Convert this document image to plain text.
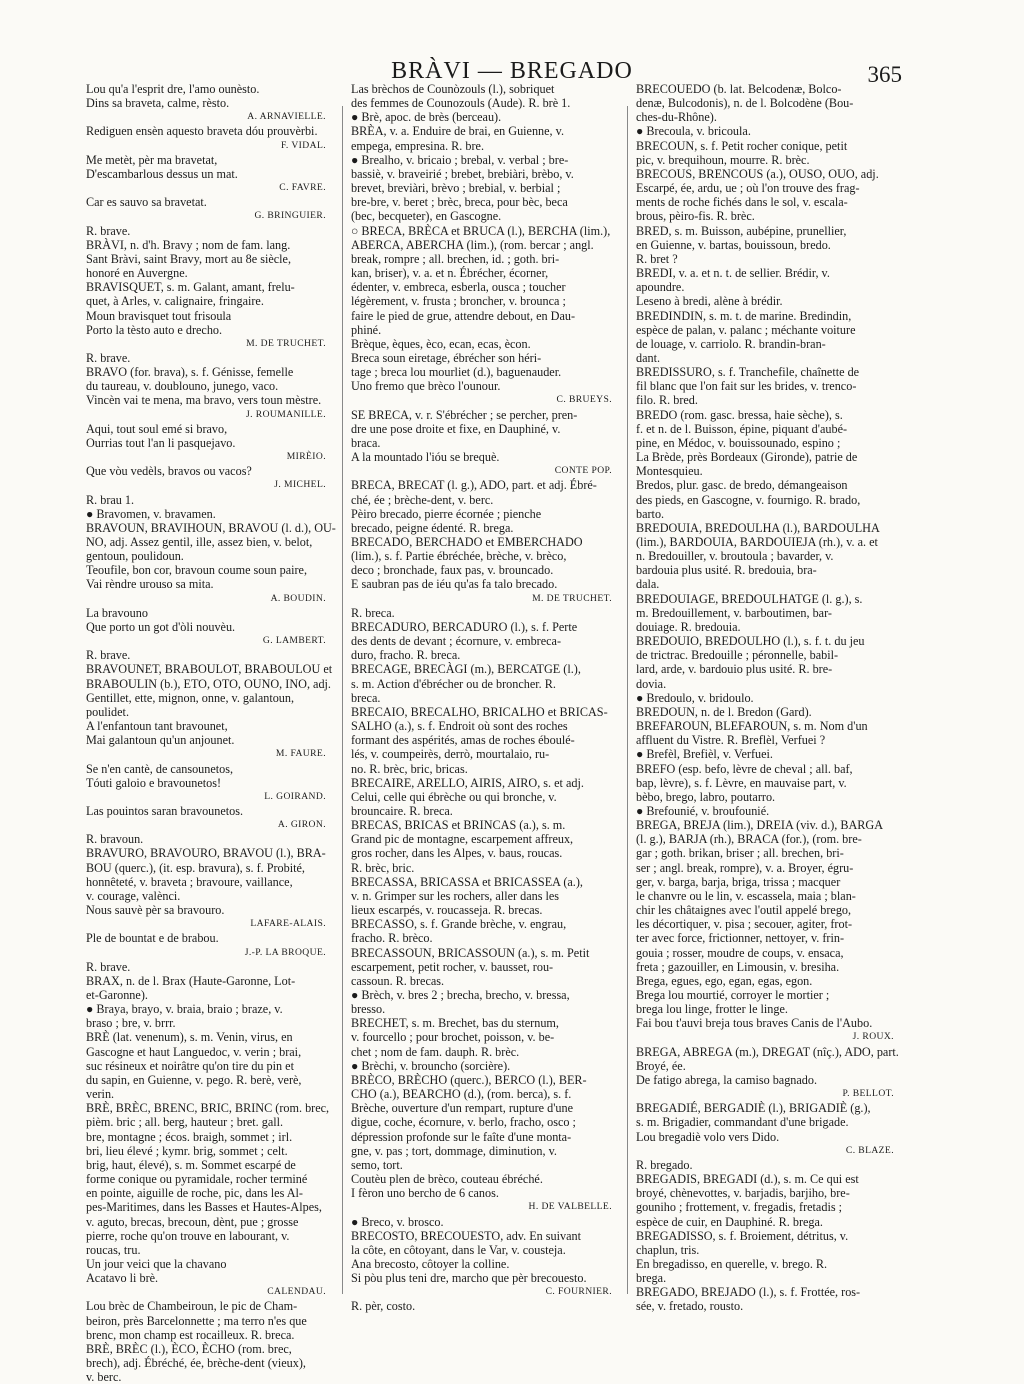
BRÀVI — BREGADO	365
Lou qu'a l'esprit dre, l'amo ounèsto.
Dins sa braveta, calme, rèsto.
A. ARNAVIELLE.
Rediguen ensèn aquesto braveta dóu prouvèrbi.
F. VIDAL.
Me metèt, pèr ma bravetat,
D'escambarlous dessus un mat.
C. FAVRE.
Car es sauvo sa bravetat.
G. BRINGUIER.
R. brave.
BRÀVI, n. d'h. Bravy ; nom de fam. lang.
Sant Bràvi, saint Bravy, mort au 8e siècle,
honoré en Auvergne.
BRAVISQUET, s. m. Galant, amant, frelu-
quet, à Arles, v. calignaire, fringaire.
Moun bravisquet tout frisoula
Porto la tèsto auto e drecho.
M. DE TRUCHET.
R. brave.
BRAVO (for. brava), s. f. Génisse, femelle
du taureau, v. doublouno, junego, vaco.
Vincèn vai te mena, ma bravo, vers toun mèstre.
J. ROUMANILLE.
Aqui, tout soul emé si bravo,
Ourrias tout l'an li pasquejavo.
MIRÈIO.
Que vòu vedèls, bravos ou vacos?
J. MICHEL.
R. brau 1.
● Bravomen, v. bravamen.
BRAVOUN, BRAVIHOUN, BRAVOU (l. d.), OU-
NO, adj. Assez gentil, ille, assez bien, v. belot,
gentoun, poulidoun.
Teoufile, bon cor, bravoun coume soun paire,
Vai rèndre urouso sa mita.
A. BOUDIN.
La bravouno
Que porto un got d'òli nouvèu.
G. LAMBERT.
R. brave.
BRAVOUNET, BRABOULOT, BRABOULOU et
BRABOULIN (b.), ETO, OTO, OUNO, INO, adj.
Gentillet, ette, mignon, onne, v. galantoun,
poulidet.
A l'enfantoun tant bravounet,
Mai galantoun qu'un anjounet.
M. FAURE.
Se n'en cantè, de cansounetos,
Tóuti galoio e bravounetos!
L. GOIRAND.
Las pouintos saran bravounetos.
A. GIRON.
R. bravoun.
BRAVURO, BRAVOURO, BRAVOU (l.), BRA-
BOU (querc.), (it. esp. bravura), s. f. Probité,
honnêteté, v. braveta ; bravoure, vaillance,
v. courage, valènci.
Nous sauvè pèr sa bravouro.
LAFARE-ALAIS.
Ple de bountat e de brabou.
J.-P. LA BROQUE.
R. brave.
BRAX, n. de l. Brax (Haute-Garonne, Lot-
et-Garonne).
● Braya, brayo, v. braia, braio ; braze, v.
braso ; bre, v. brrr.
BRÈ (lat. venenum), s. m. Venin, virus, en
Gascogne et haut Languedoc, v. verin ; brai,
suc résineux et noirâtre qu'on tire du pin et
du sapin, en Guienne, v. pego. R. berè, verè,
verin.
BRÈ, BRÈC, BRENC, BRIC, BRINC (rom. brec,
pièm. bric ; all. berg, hauteur ; bret. gall.
bre, montagne ; écos. braigh, sommet ; irl.
bri, lieu élevé ; kymr. brig, sommet ; celt.
brig, haut, élevé), s. m. Sommet escarpé de
forme conique ou pyramidale, rocher terminé
en pointe, aiguille de roche, pic, dans les Al-
pes-Maritimes, dans les Basses et Hautes-Alpes,
v. aguto, brecas, brecoun, dènt, pue ; grosse
pierre, roche qu'on trouve en labourant, v.
roucas, tru.
Un jour veici que la chavano
Acatavo li brè.
CALENDAU.
Lou brèc de Chambeiroun, le pic de Cham-
beiron, près Barcelonnette ; ma terro n'es que
brenc, mon champ est rocailleux. R. breca.
BRÈ, BRÈC (l.), ÈCO, ÈCHO (rom. brec,
brech), adj. Ébréché, ée, brèche-dent (vieux),
v. berc.
Las brèchos de Counòzouls (l.), sobriquet
des femmes de Counozouls (Aude). R. brè 1.
● Brè, apoc. de brès (berceau).
BRÈA, v. a. Enduire de brai, en Guienne, v.
empega, empresina. R. bre.
● Brealho, v. bricaio ; brebal, v. verbal ; bre-
bassiè, v. braveirié ; brebet, brebiàri, brèbo, v.
brevet, breviàri, brèvo ; brebial, v. berbial ;
bre-bre, v. beret ; brèc, breca, pour bèc, beca
(bec, becqueter), en Gascogne.
○ BRECA, BRÈCA et BRUCA (l.), BERCHA (lim.),
ABERCA, ABERCHA (lim.), (rom. bercar ; angl.
break, rompre ; all. brechen, id. ; goth. bri-
kan, briser), v. a. et n. Ébrécher, écorner,
édenter, v. embreca, esberla, ousca ; toucher
légèrement, v. frusta ; broncher, v. brounca ;
faire le pied de grue, attendre debout, en Dau-
phiné.
Brèque, èques, èco, ecan, ecas, ècon.
Breca soun eiretage, ébrécher son héri-
tage ; breca lou mourliet (d.), baguenauder.
Uno fremo que brèco l'ounour.
C. BRUEYS.
SE BRECA, v. r. S'ébrécher ; se percher, pren-
dre une pose droite et fixe, en Dauphiné, v.
braca.
A la mountado l'ióu se brequè.
CONTE POP.
BRECA, BRECAT (l. g.), ADO, part. et adj. Ébré-
ché, ée ; brèche-dent, v. berc.
Pèiro brecado, pierre écornée ; pienche
brecado, peigne édenté. R. brega.
BRECADO, BERCHADO et EMBERCHADO
(lim.), s. f. Partie ébréchée, brèche, v. brèco,
deco ; bronchade, faux pas, v. brouncado.
E saubran pas de iéu qu'as fa talo brecado.
M. DE TRUCHET.
R. breca.
BRECADURO, BERCADURO (l.), s. f. Perte
des dents de devant ; écornure, v. embreca-
duro, fracho. R. breca.
BRECAGE, BRECÀGI (m.), BERCATGE (l.),
s. m. Action d'ébrécher ou de broncher. R.
breca.
BRECAIO, BRECALHO, BRICALHO et BRICAS-
SALHO (a.), s. f. Endroit où sont des roches
formant des aspérités, amas de roches éboulé-
lés, v. coumpeirès, derrò, mourtalaio, ru-
no. R. brèc, bric, bricas.
BRECAIRE, ARELLO, AIRIS, AIRO, s. et adj.
Celui, celle qui ébrèche ou qui bronche, v.
brouncaire. R. breca.
BRECAS, BRICAS et BRINCAS (a.), s. m.
Grand pic de montagne, escarpement affreux,
gros rocher, dans les Alpes, v. baus, roucas.
R. brèc, bric.
BRECASSA, BRICASSA et BRICASSEA (a.),
v. n. Grimper sur les rochers, aller dans les
lieux escarpés, v. roucasseja. R. brecas.
BRECASSO, s. f. Grande brèche, v. engrau,
fracho. R. brèco.
BRECASSOUN, BRICASSOUN (a.), s. m. Petit
escarpement, petit rocher, v. bausset, rou-
cassoun. R. brecas.
● Brèch, v. bres 2 ; brecha, brecho, v. bressa,
bresso.
BRECHET, s. m. Brechet, bas du sternum,
v. fourcello ; pour brochet, poisson, v. be-
chet ; nom de fam. dauph. R. brèc.
● Brèchi, v. brouncho (sorcière).
BRÈCO, BRÈCHO (querc.), BERCO (l.), BER-
CHO (a.), BEARCHO (d.), (rom. berca), s. f.
Brèche, ouverture d'un rempart, rupture d'une
digue, coche, écornure, v. berlo, fracho, osco ;
dépression profonde sur le faîte d'une monta-
gne, v. pas ; tort, dommage, diminution, v.
semo, tort.
Coutèu plen de brèco, couteau ébréché.
I fèron uno bercho de 6 canos.
H. DE VALBELLE.
● Breco, v. brosco.
BRECOSTO, BRECOUESTO, adv. En suivant
la côte, en côtoyant, dans le Var, v. cousteja.
Ana brecosto, côtoyer la colline.
Si pòu plus teni dre, marcho que pèr brecouesto.
C. FOURNIER.
R. pèr, costo.
BRECOUEDO (b. lat. Belcodenæ, Bolco-
denæ, Bulcodonis), n. de l. Bolcodène (Bou-
ches-du-Rhône).
● Brecoula, v. bricoula.
BRECOUN, s. f. Petit rocher conique, petit
pic, v. brequihoun, mourre. R. brèc.
BRECOUS, BRENCOUS (a.), OUSO, OUO, adj.
Escarpé, ée, ardu, ue ; où l'on trouve des frag-
ments de roche fichés dans le sol, v. escala-
brous, pèiro-fis. R. brèc.
BRED, s. m. Buisson, aubépine, prunellier,
en Guienne, v. bartas, bouissoun, bredo.
R. bret ?
BREDI, v. a. et n. t. de sellier. Brédir, v.
apoundre.
Leseno à bredi, alène à brédir.
BREDINDIN, s. m. t. de marine. Bredindin,
espèce de palan, v. palanc ; méchante voiture
de louage, v. carriolo. R. brandin-bran-
dant.
BREDISSURO, s. f. Tranchefile, chaînette de
fil blanc que l'on fait sur les brides, v. trenco-
filo. R. bred.
BREDO (rom. gasc. bressa, haie sèche), s.
f. et n. de l. Buisson, épine, piquant d'aubé-
pine, en Médoc, v. bouissounado, espino ;
La Brède, près Bordeaux (Gironde), patrie de
Montesquieu.
Bredos, plur. gasc. de bredo, démangeaison
des pieds, en Gascogne, v. fournigo. R. brado,
barto.
BREDOUIA, BREDOULHA (l.), BARDOULHA
(lim.), BARDOUIA, BARDOUIEJA (rh.), v. a. et
n. Bredouiller, v. broutoula ; bavarder, v.
bardouia plus usité. R. bredouia, bra-
dala.
BREDOUIAGE, BREDOULHATGE (l. g.), s.
m. Bredouillement, v. barboutimen, bar-
douiage. R. bredouia.
BREDOUIO, BREDOULHO (l.), s. f. t. du jeu
de trictrac. Bredouille ; péronnelle, babil-
lard, arde, v. bardouio plus usité. R. bre-
dovia.
● Bredoulo, v. bridoulo.
BREDOUN, n. de l. Bredon (Gard).
BREFAROUN, BLEFAROUN, s. m. Nom d'un
affluent du Vistre. R. Breflèl, Verfuei ?
● Brefèl, Brefièl, v. Verfuei.
BREFO (esp. befo, lèvre de cheval ; all. baf,
bap, lèvre), s. f. Lèvre, en mauvaise part, v.
bèbo, brego, labro, poutarro.
● Brefounié, v. broufounié.
BREGA, BREJA (lim.), DREIA (viv. d.), BARGA
(l. g.), BARJA (rh.), BRACA (for.), (rom. bre-
gar ; goth. brikan, briser ; all. brechen, bri-
ser ; angl. break, rompre), v. a. Broyer, égru-
ger, v. barga, barja, briga, trissa ; macquer
le chanvre ou le lin, v. escassela, maia ; blan-
chir les châtaignes avec l'outil appelé brego,
les décortiquer, v. pisa ; secouer, agiter, frot-
ter avec force, frictionner, nettoyer, v. frin-
gouia ; rosser, moudre de coups, v. ensaca,
freta ; gazouiller, en Limousin, v. bresiha.
Brega, egues, ego, egan, egas, egon.
Brega lou mourtié, corroyer le mortier ;
brega lou linge, frotter le linge.
Fai bou t'auvi breja tous braves Canis de l'Aubo.
J. ROUX.
BREGA, ABREGA (m.), DREGAT (nîç.), ADO, part.
Broyé, ée.
De fatigo abrega, la camiso bagnado.
P. BELLOT.
BREGADIÉ, BERGADIÈ (l.), BRIGADIÈ (g.),
s. m. Brigadier, commandant d'une brigade.
Lou bregadiè volo vers Dido.
C. BLAZE.
R. bregado.
BREGADIS, BREGADI (d.), s. m. Ce qui est
broyé, chènevottes, v. barjadis, barjiho, bre-
gouniho ; frottement, v. fregadis, fretadis ;
espèce de cuir, en Dauphiné. R. brega.
BREGADISSO, s. f. Broiement, détritus, v.
chaplun, tris.
En bregadisso, en querelle, v. brego. R.
brega.
BREGADO, BREJADO (l.), s. f. Frottée, ros-
sée, v. fretado, rousto.
